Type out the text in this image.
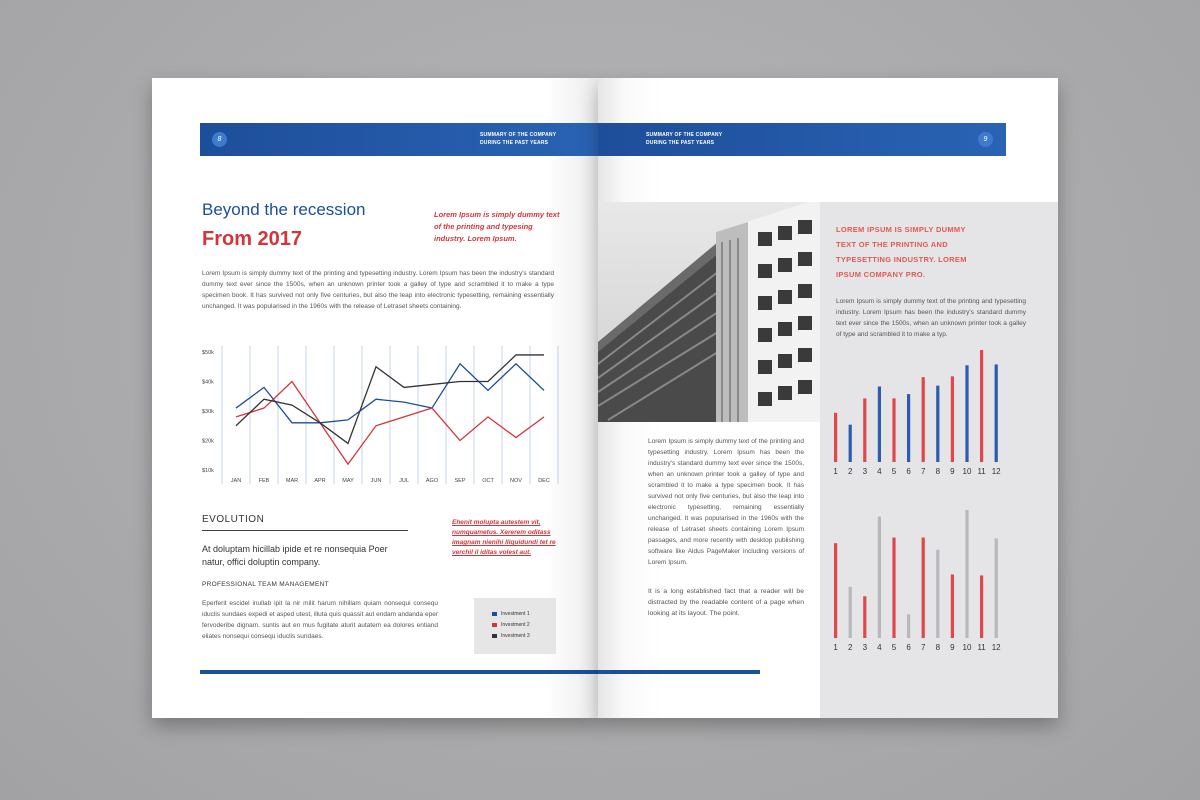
8
SUMMARY OF THE COMPANY
DURING THE PAST YEARS
Beyond the recession
From 2017
Lorem Ipsum is simply dummy text of the printing and typesing industry. Lorem Ipsum.
Lorem Ipsum is simply dummy text of the printing and typesetting industry. Lorem Ipsum has been the industry's standard dummy text ever since the 1500s, when an unknown printer took a galley of type and scrambled it to make a type specimen book. It has survived not only five centuries, but also the leap into electronic typesetting, remaining essentially unchanged. It was popularised in the 1960s with the release of Letraset sheets containing.
JAN	FEB	MAR	APR	MAY	JUN	JUL	AGO	SEP	OCT	NOV	DEC
$50k
$40k
$30k
$20k
$10k
EVOLUTION
At doluptam hicillab ipide et re nonsequia Poer natur, offici doluptin company.
PROFESSIONAL TEAM MANAGEMENT
Eperferit escidel inullab ipit la nir milit harum nihillam quiam nonsequi consequ iduclis sundaes expedi et asped utest, illuta quis quassit aut endam andanda eper fervoderibe dignam, suntis aut en mus fugitate aturit autatem ea dolores entiand eliates nonsequi consequ iduclis sundaes.
Ehenit molupta autestem vit, numquametus. Xererem oditass imagnam nienihi lliquidundi tet re verchil il iditas volest aut.
Investment 1
Investment 2
Investment 3
SUMMARY OF THE COMPANY
DURING THE PAST YEARS	9
Lorem Ipsum is simply dummy text of the printing and typesetting industry. Lorem Ipsum has been the industry's standard dummy text ever since the 1500s, when an unknown printer took a galley of type and scrambled it to make a type specimen book. It has survived not only five centuries, but also the leap into electronic typesetting, remaining essentially unchanged. It was popularised in the 1960s with the release of Letraset sheets containing Lorem Ipsum passages, and more recently with desktop publishing software like Aldus PageMaker including versions of Lorem Ipsum.
It is a long established fact that a reader will be distracted by the readable content of a page when looking at its layout. The point.
LOREM IPSUM IS SIMPLY DUMMY TEXT OF THE PRINTING AND TYPESETTING INDUSTRY. LOREM IPSUM COMPANY PRO.
Lorem Ipsum is simply dummy text of the printing and typesetting industry. Lorem Ipsum has been the industry's standard dummy text ever since the 1500s, when an unknown printer took a galley of type and scrambled it to make a typ.
1 2 3 4 5 6 7 8 9 10 11 12
1 2 3 4 5 6 7 8 9 10 11 12
